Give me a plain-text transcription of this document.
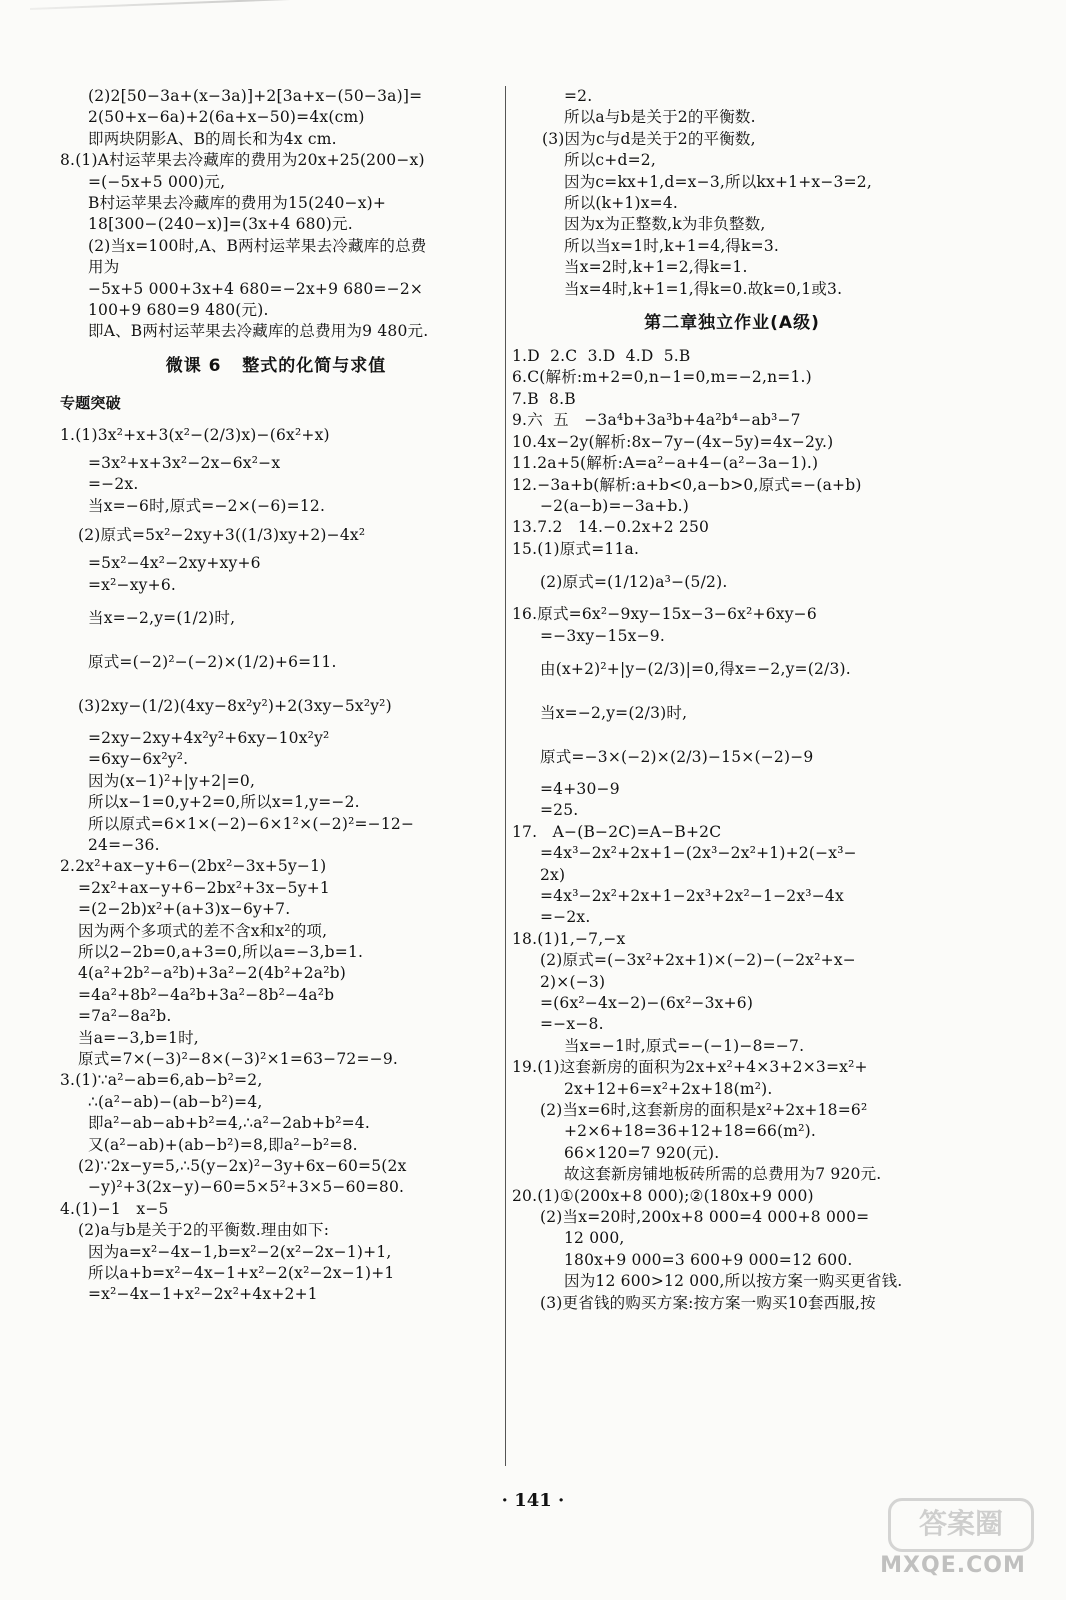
(2)2[50−3a+(x−3a)]+2[3a+x−(50−3a)]=
2(50+x−6a)+2(6a+x−50)=4x(cm)
即两块阴影A、B的周长和为4x cm.
8.(1)A村运苹果去冷藏库的费用为20x+25(200−x)
=(−5x+5 000)元,
B村运苹果去冷藏库的费用为15(240−x)+
18[300−(240−x)]=(3x+4 680)元.
(2)当x=100时,A、B两村运苹果去冷藏库的总费
用为
−5x+5 000+3x+4 680=−2x+9 680=−2×
100+9 680=9 480(元).
即A、B两村运苹果去冷藏库的总费用为9 480元.
微课 6   整式的化简与求值
专题突破
1.(1)3x²+x+3(x²−(2/3)x)−(6x²+x)
=3x²+x+3x²−2x−6x²−x
=−2x.
当x=−6时,原式=−2×(−6)=12.
(2)原式=5x²−2xy+3((1/3)xy+2)−4x²
=5x²−4x²−2xy+xy+6
=x²−xy+6.
当x=−2,y=(1/2)时,
原式=(−2)²−(−2)×(1/2)+6=11.
(3)2xy−(1/2)(4xy−8x²y²)+2(3xy−5x²y²)
=2xy−2xy+4x²y²+6xy−10x²y²
=6xy−6x²y².
因为(x−1)²+|y+2|=0,
所以x−1=0,y+2=0,所以x=1,y=−2.
所以原式=6×1×(−2)−6×1²×(−2)²=−12−
24=−36.
2.2x²+ax−y+6−(2bx²−3x+5y−1)
=2x²+ax−y+6−2bx²+3x−5y+1
=(2−2b)x²+(a+3)x−6y+7.
因为两个多项式的差不含x和x²的项,
所以2−2b=0,a+3=0,所以a=−3,b=1.
4(a²+2b²−a²b)+3a²−2(4b²+2a²b)
=4a²+8b²−4a²b+3a²−8b²−4a²b
=7a²−8a²b.
当a=−3,b=1时,
原式=7×(−3)²−8×(−3)²×1=63−72=−9.
3.(1)∵a²−ab=6,ab−b²=2,
∴(a²−ab)−(ab−b²)=4,
即a²−ab−ab+b²=4,∴a²−2ab+b²=4.
又(a²−ab)+(ab−b²)=8,即a²−b²=8.
(2)∵2x−y=5,∴5(y−2x)²−3y+6x−60=5(2x
−y)²+3(2x−y)−60=5×5²+3×5−60=80.
4.(1)−1   x−5
(2)a与b是关于2的平衡数.理由如下:
因为a=x²−4x−1,b=x²−2(x²−2x−1)+1,
所以a+b=x²−4x−1+x²−2(x²−2x−1)+1
=x²−4x−1+x²−2x²+4x+2+1
=2.
所以a与b是关于2的平衡数.
(3)因为c与d是关于2的平衡数,
所以c+d=2,
因为c=kx+1,d=x−3,所以kx+1+x−3=2,
所以(k+1)x=4.
因为x为正整数,k为非负整数,
所以当x=1时,k+1=4,得k=3.
当x=2时,k+1=2,得k=1.
当x=4时,k+1=1,得k=0.故k=0,1或3.
第二章独立作业(A级)
1.D  2.C  3.D  4.D  5.B
6.C(解析:m+2=0,n−1=0,m=−2,n=1.)
7.B  8.B
9.六  五   −3a⁴b+3a³b+4a²b⁴−ab³−7
10.4x−2y(解析:8x−7y−(4x−5y)=4x−2y.)
11.2a+5(解析:A=a²−a+4−(a²−3a−1).)
12.−3a+b(解析:a+b<0,a−b>0,原式=−(a+b)
−2(a−b)=−3a+b.)
13.7.2   14.−0.2x+2 250
15.(1)原式=11a.
(2)原式=(1/12)a³−(5/2).
16.原式=6x²−9xy−15x−3−6x²+6xy−6
=−3xy−15x−9.
由(x+2)²+|y−(2/3)|=0,得x=−2,y=(2/3).
当x=−2,y=(2/3)时,
原式=−3×(−2)×(2/3)−15×(−2)−9
=4+30−9
=25.
17.   A−(B−2C)=A−B+2C
=4x³−2x²+2x+1−(2x³−2x²+1)+2(−x³−
2x)
=4x³−2x²+2x+1−2x³+2x²−1−2x³−4x
=−2x.
18.(1)1,−7,−x
(2)原式=(−3x²+2x+1)×(−2)−(−2x²+x−
2)×(−3)
=(6x²−4x−2)−(6x²−3x+6)
=−x−8.
当x=−1时,原式=−(−1)−8=−7.
19.(1)这套新房的面积为2x+x²+4×3+2×3=x²+
2x+12+6=x²+2x+18(m²).
(2)当x=6时,这套新房的面积是x²+2x+18=6²
+2×6+18=36+12+18=66(m²).
66×120=7 920(元).
故这套新房铺地板砖所需的总费用为7 920元.
20.(1)①(200x+8 000);②(180x+9 000)
(2)当x=20时,200x+8 000=4 000+8 000=
12 000,
180x+9 000=3 600+9 000=12 600.
因为12 600>12 000,所以按方案一购买更省钱.
(3)更省钱的购买方案:按方案一购买10套西服,按
· 141 ·
答案圈
MXQE.COM
